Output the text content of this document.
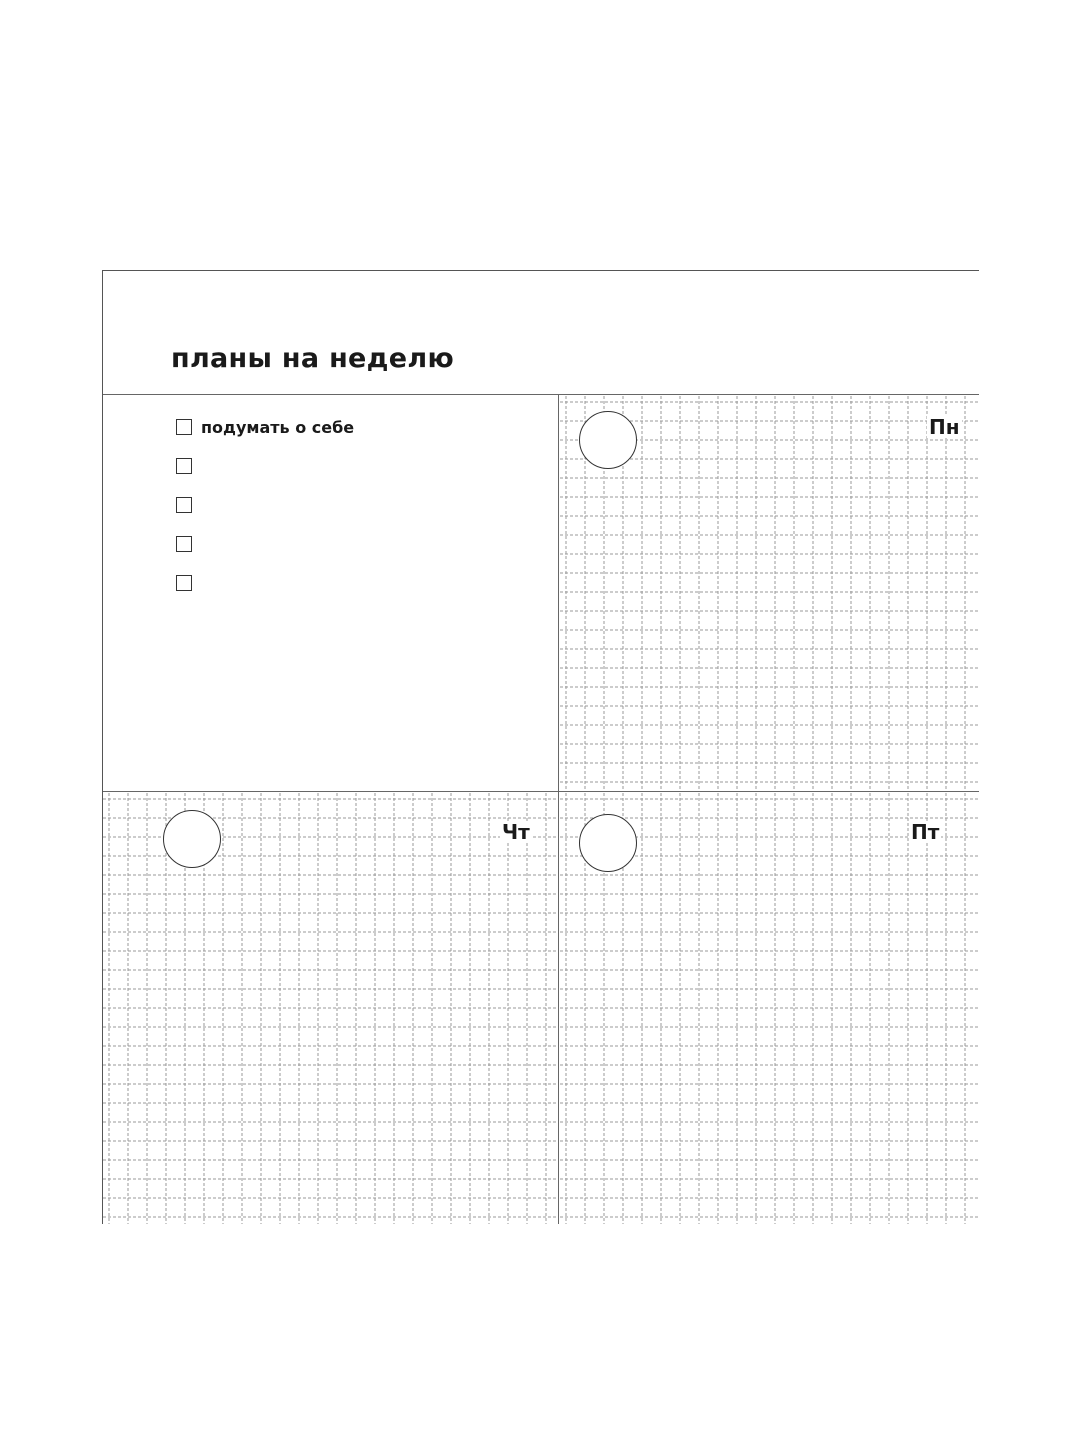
планы на неделю
подумать о себе	Пн
Чт	Пт
